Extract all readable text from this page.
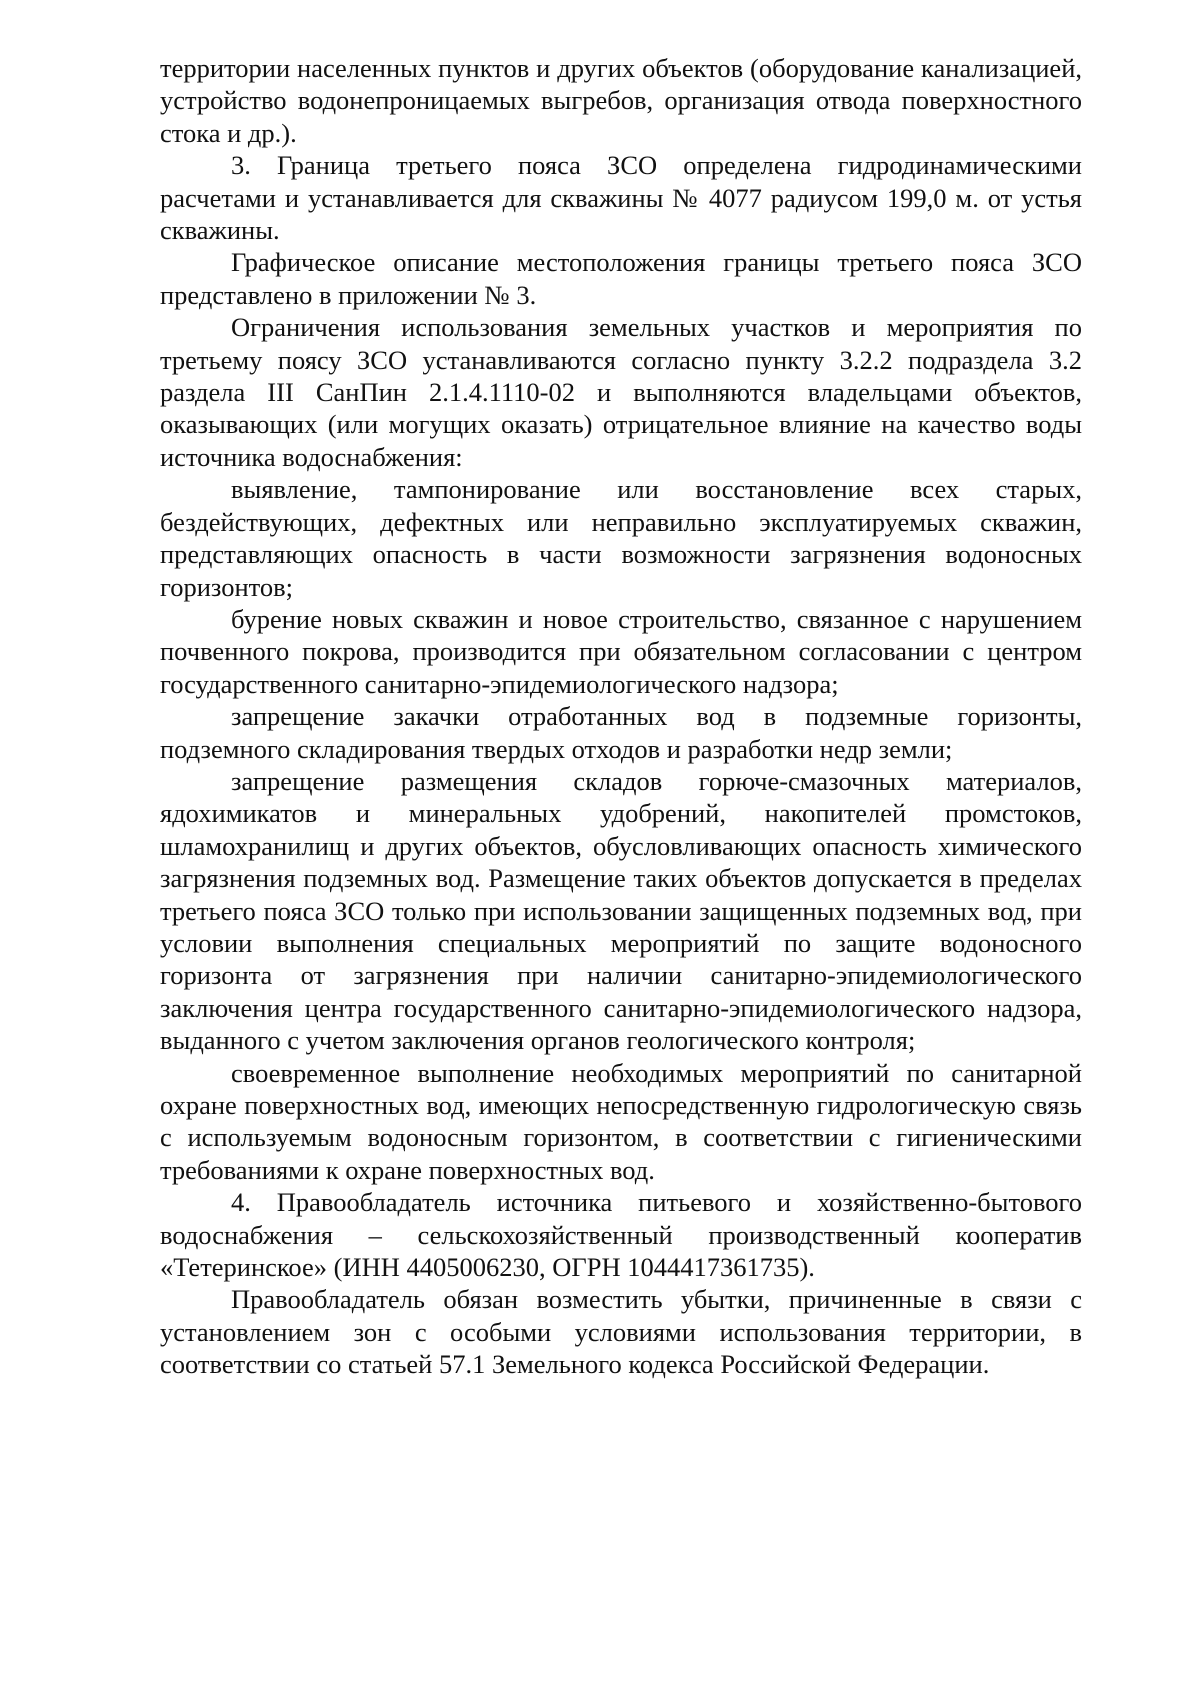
территории населенных пунктов и других объектов (оборудование канализацией, устройство водонепроницаемых выгребов, организация отвода поверхностного стока и др.).

3. Граница третьего пояса ЗСО определена гидродинамическими расчетами и устанавливается для скважины № 4077 радиусом 199,0 м. от устья скважины.

Графическое описание местоположения границы третьего пояса ЗСО представлено в приложении № 3.

Ограничения использования земельных участков и мероприятия по третьему поясу ЗСО устанавливаются согласно пункту 3.2.2 подраздела 3.2 раздела III СанПин 2.1.4.1110-02 и выполняются владельцами объектов, оказывающих (или могущих оказать) отрицательное влияние на качество воды источника водоснабжения:

выявление, тампонирование или восстановление всех старых, бездействующих, дефектных или неправильно эксплуатируемых скважин, представляющих опасность в части возможности загрязнения водоносных горизонтов;

бурение новых скважин и новое строительство, связанное с нарушением почвенного покрова, производится при обязательном согласовании с центром государственного санитарно-эпидемиологического надзора;

запрещение закачки отработанных вод в подземные горизонты, подземного складирования твердых отходов и разработки недр земли;

запрещение размещения складов горюче-смазочных материалов, ядохимикатов и минеральных удобрений, накопителей промстоков, шламохранилищ и других объектов, обусловливающих опасность химического загрязнения подземных вод. Размещение таких объектов допускается в пределах третьего пояса ЗСО только при использовании защищенных подземных вод, при условии выполнения специальных мероприятий по защите водоносного горизонта от загрязнения при наличии санитарно-эпидемиологического заключения центра государственного санитарно-эпидемиологического надзора, выданного с учетом заключения органов геологического контроля;

своевременное выполнение необходимых мероприятий по санитарной охране поверхностных вод, имеющих непосредственную гидрологическую связь с используемым водоносным горизонтом, в соответствии с гигиеническими требованиями к охране поверхностных вод.

4. Правообладатель источника питьевого и хозяйственно-бытового водоснабжения – сельскохозяйственный производственный кооператив «Тетеринское» (ИНН 4405006230, ОГРН 1044417361735).

Правообладатель обязан возместить убытки, причиненные в связи с установлением зон с особыми условиями использования территории, в соответствии со статьей 57.1 Земельного кодекса Российской Федерации.
